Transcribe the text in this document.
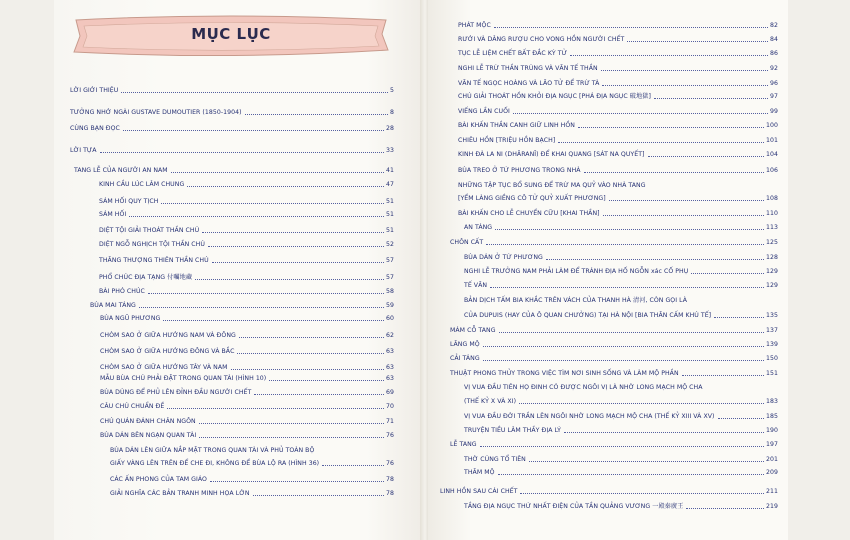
MỤC LỤC
LỜI GIỚI THIỆU	5
TƯỞNG NHỚ NGÀI GUSTAVE DUMOUTIER (1850-1904)	8
CÙNG BẠN ĐỌC	28
LỜI TỰA	33
TANG LỄ CỦA NGƯỜI AN NAM	41
KINH CẦU LÚC LÂM CHUNG	47
SÁM HỐI QUY TỊCH	51
SÁM HỐI	51
DIỆT TỘI GIẢI THOÁT THẦN CHÚ	51
DIỆT NGỖ NGHỊCH TỘI THẦN CHÚ	52
THĂNG THƯỢNG THIÊN THẦN CHÚ	57
PHỔ CHÚC ĐỊA TẠNG 付囑地藏	57
BÀI PHÓ CHÚC	58
BÙA MAI TÁNG	59
BÙA NGŨ PHƯƠNG	60
CHÒM SAO Ở GIỮA HƯỚNG NAM VÀ ĐÔNG	62
CHÒM SAO Ở GIỮA HƯỚNG ĐÔNG VÀ BẮC	63
CHÒM SAO Ở GIỮA HƯỚNG TÂY VÀ NAM	63
MẪU BÙA CHÚ PHẢI ĐẶT TRONG QUAN TÀI (HÌNH 10)	63
BÙA DÙNG ĐỂ PHỦ LÊN ĐỈNH ĐẦU NGƯỜI CHẾT	69
CÂU CHÚ CHUẨN ĐỀ	70
CHÚ QUÁN ĐÁNH CHÂN NGÔN	71
BÙA DÁN BÊN NGẠN QUAN TÀI	76
BÙA DÁN LÊN GIỮA NẮP MẶT TRONG QUAN TÀI VÀ PHỦ TOÀN BỘ
GIẤY VÀNG LÊN TRÊN ĐỂ CHE ĐI, KHÔNG ĐỂ BÙA LỘ RA (HÌNH 36)	76
CÁC ẤN PHONG CỦA TAM GIÁO	78
GIẢI NGHĨA CÁC BẢN TRANH MINH HỌA LỚN	78
PHÁT MỘC	82
RƯỚI VÀ DÂNG RƯỢU CHO VONG HỒN NGƯỜI CHẾT	84
TỤC LỄ LIỆM CHẾT BẤT ĐẮC KỲ TỬ	86
NGHI LỄ TRỪ THẦN TRÙNG VÀ VĂN TẾ THẦN	92
VĂN TẾ NGỌC HOÀNG VÀ LÃO TỬ ĐỂ TRỪ TÀ	96
CHÚ GIẢI THOÁT HỒN KHỎI ĐỊA NGỤC [PHÁ ĐỊA NGỤC 破地獄]	97
VIẾNG LẦN CUỐI	99
BÀI KHẤN THẦN CANH GIỮ LINH HỒN	100
CHIÊU HỒN [TRIỆU HỒN BẠCH]	101
KINH ĐÀ LA NI (DHĀRANĪ) ĐỂ KHAI QUANG [SÁT NA QUYẾT]	104
BÙA TREO Ở TỨ PHƯƠNG TRONG NHÀ	106
NHỮNG TẬP TỤC BỔ SUNG ĐỂ TRỪ MA QUỶ VÀO NHÀ TANG
[YỂM LÀNG GIỀNG CÔ TỬ QUỶ XUẤT PHƯƠNG]	108
BÀI KHẤN CHO LỄ CHUYỂN CỮU [KHAI THẦN]	110
AN TÁNG	113
CHÔN CẤT	125
BÙA DÁN Ở TỨ PHƯƠNG	128
NGHI LỄ TRƯỞNG NAM PHẢI LÀM ĐỂ TRÁNH ĐỊA HỐ NGỖN xác CỐ PHỤ	129
TẾ VĂN	129
BẢN DỊCH TẤM BIA KHẮC TRÊN VÁCH CỦA THANH HÀ 清河, CÒN GỌI LÀ
CỦA DUPUIS (HAY CỦA Ô QUAN CHƯỞNG) TẠI HÀ NỘI [BIA THĂN CẤM KHÚ TẾ]	135
MÁM CỖ TANG	137
LĂNG MỘ	139
CẢI TÁNG	150
THUẬT PHONG THỦY TRONG VIỆC TÌM NƠI SINH SỐNG VÀ LÀM MỘ PHẦN	151
VỊ VUA ĐẦU TIÊN HỌ ĐINH CÓ ĐƯỢC NGÔI VỊ LÀ NHỜ LONG MẠCH MỘ CHA
(THẾ KỶ X VÀ XI)	183
VỊ VUA ĐẦU ĐỜI TRẦN LÊN NGÔI NHỜ LONG MẠCH MỘ CHA (THẾ KỶ XIII VÀ XV)	185
TRUYỆN TIỀU LÂM THẦY ĐỊA LÝ	190
LỄ TANG	197
THỜ CÚNG TỔ TIÊN	201
THĂM MỘ	209
LINH HỒN SAU CÁI CHẾT	211
TẦNG ĐỊA NGỤC THỨ NHẤT ĐIỆN CỦA TẦN QUẢNG VƯƠNG 一殿秦廣王	219
